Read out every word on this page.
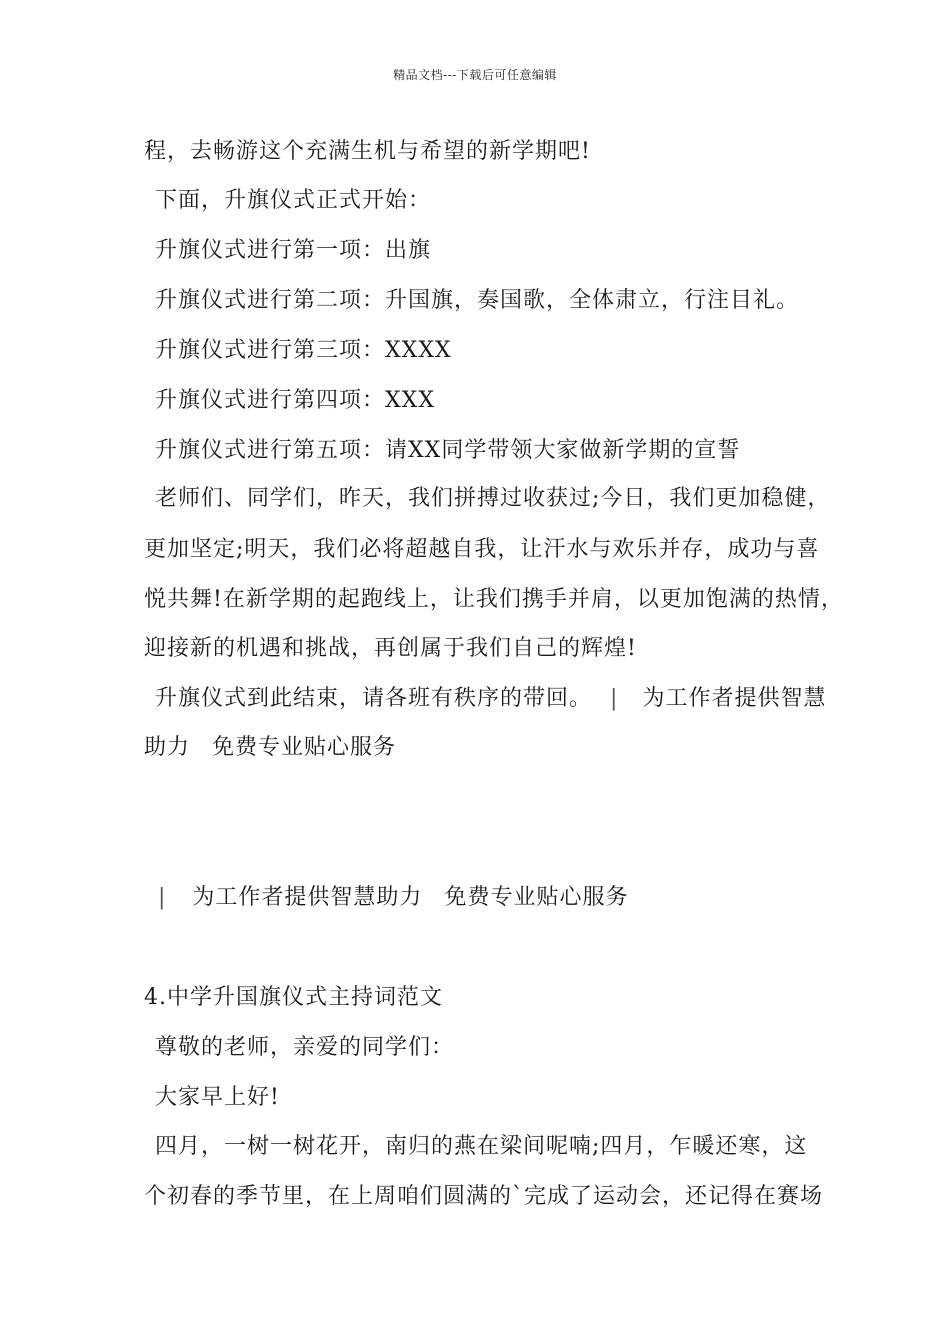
精品文档---下载后可任意编辑
程，去畅游这个充满生机与希望的新学期吧!
下面，升旗仪式正式开始：
升旗仪式进行第一项：出旗
升旗仪式进行第二项：升国旗，奏国歌，全体肃立，行注目礼。
升旗仪式进行第三项：XXXX
升旗仪式进行第四项：XXX
升旗仪式进行第五项：请XX同学带领大家做新学期的宣誓
老师们、同学们，昨天，我们拼搏过收获过;今日，我们更加稳健，
更加坚定;明天，我们必将超越自我，让汗水与欢乐并存，成功与喜
悦共舞!在新学期的起跑线上，让我们携手并肩，以更加饱满的热情，
迎接新的机遇和挑战，再创属于我们自己的辉煌!
升旗仪式到此结束，请各班有秩序的带回。 | 为工作者提供智慧
助力 免费专业贴心服务
| 为工作者提供智慧助力 免费专业贴心服务
4.中学升国旗仪式主持词范文
尊敬的老师，亲爱的同学们：
大家早上好!
四月，一树一树花开，南归的燕在梁间呢喃;四月，乍暖还寒，这
个初春的季节里，在上周咱们圆满的`完成了运动会，还记得在赛场
